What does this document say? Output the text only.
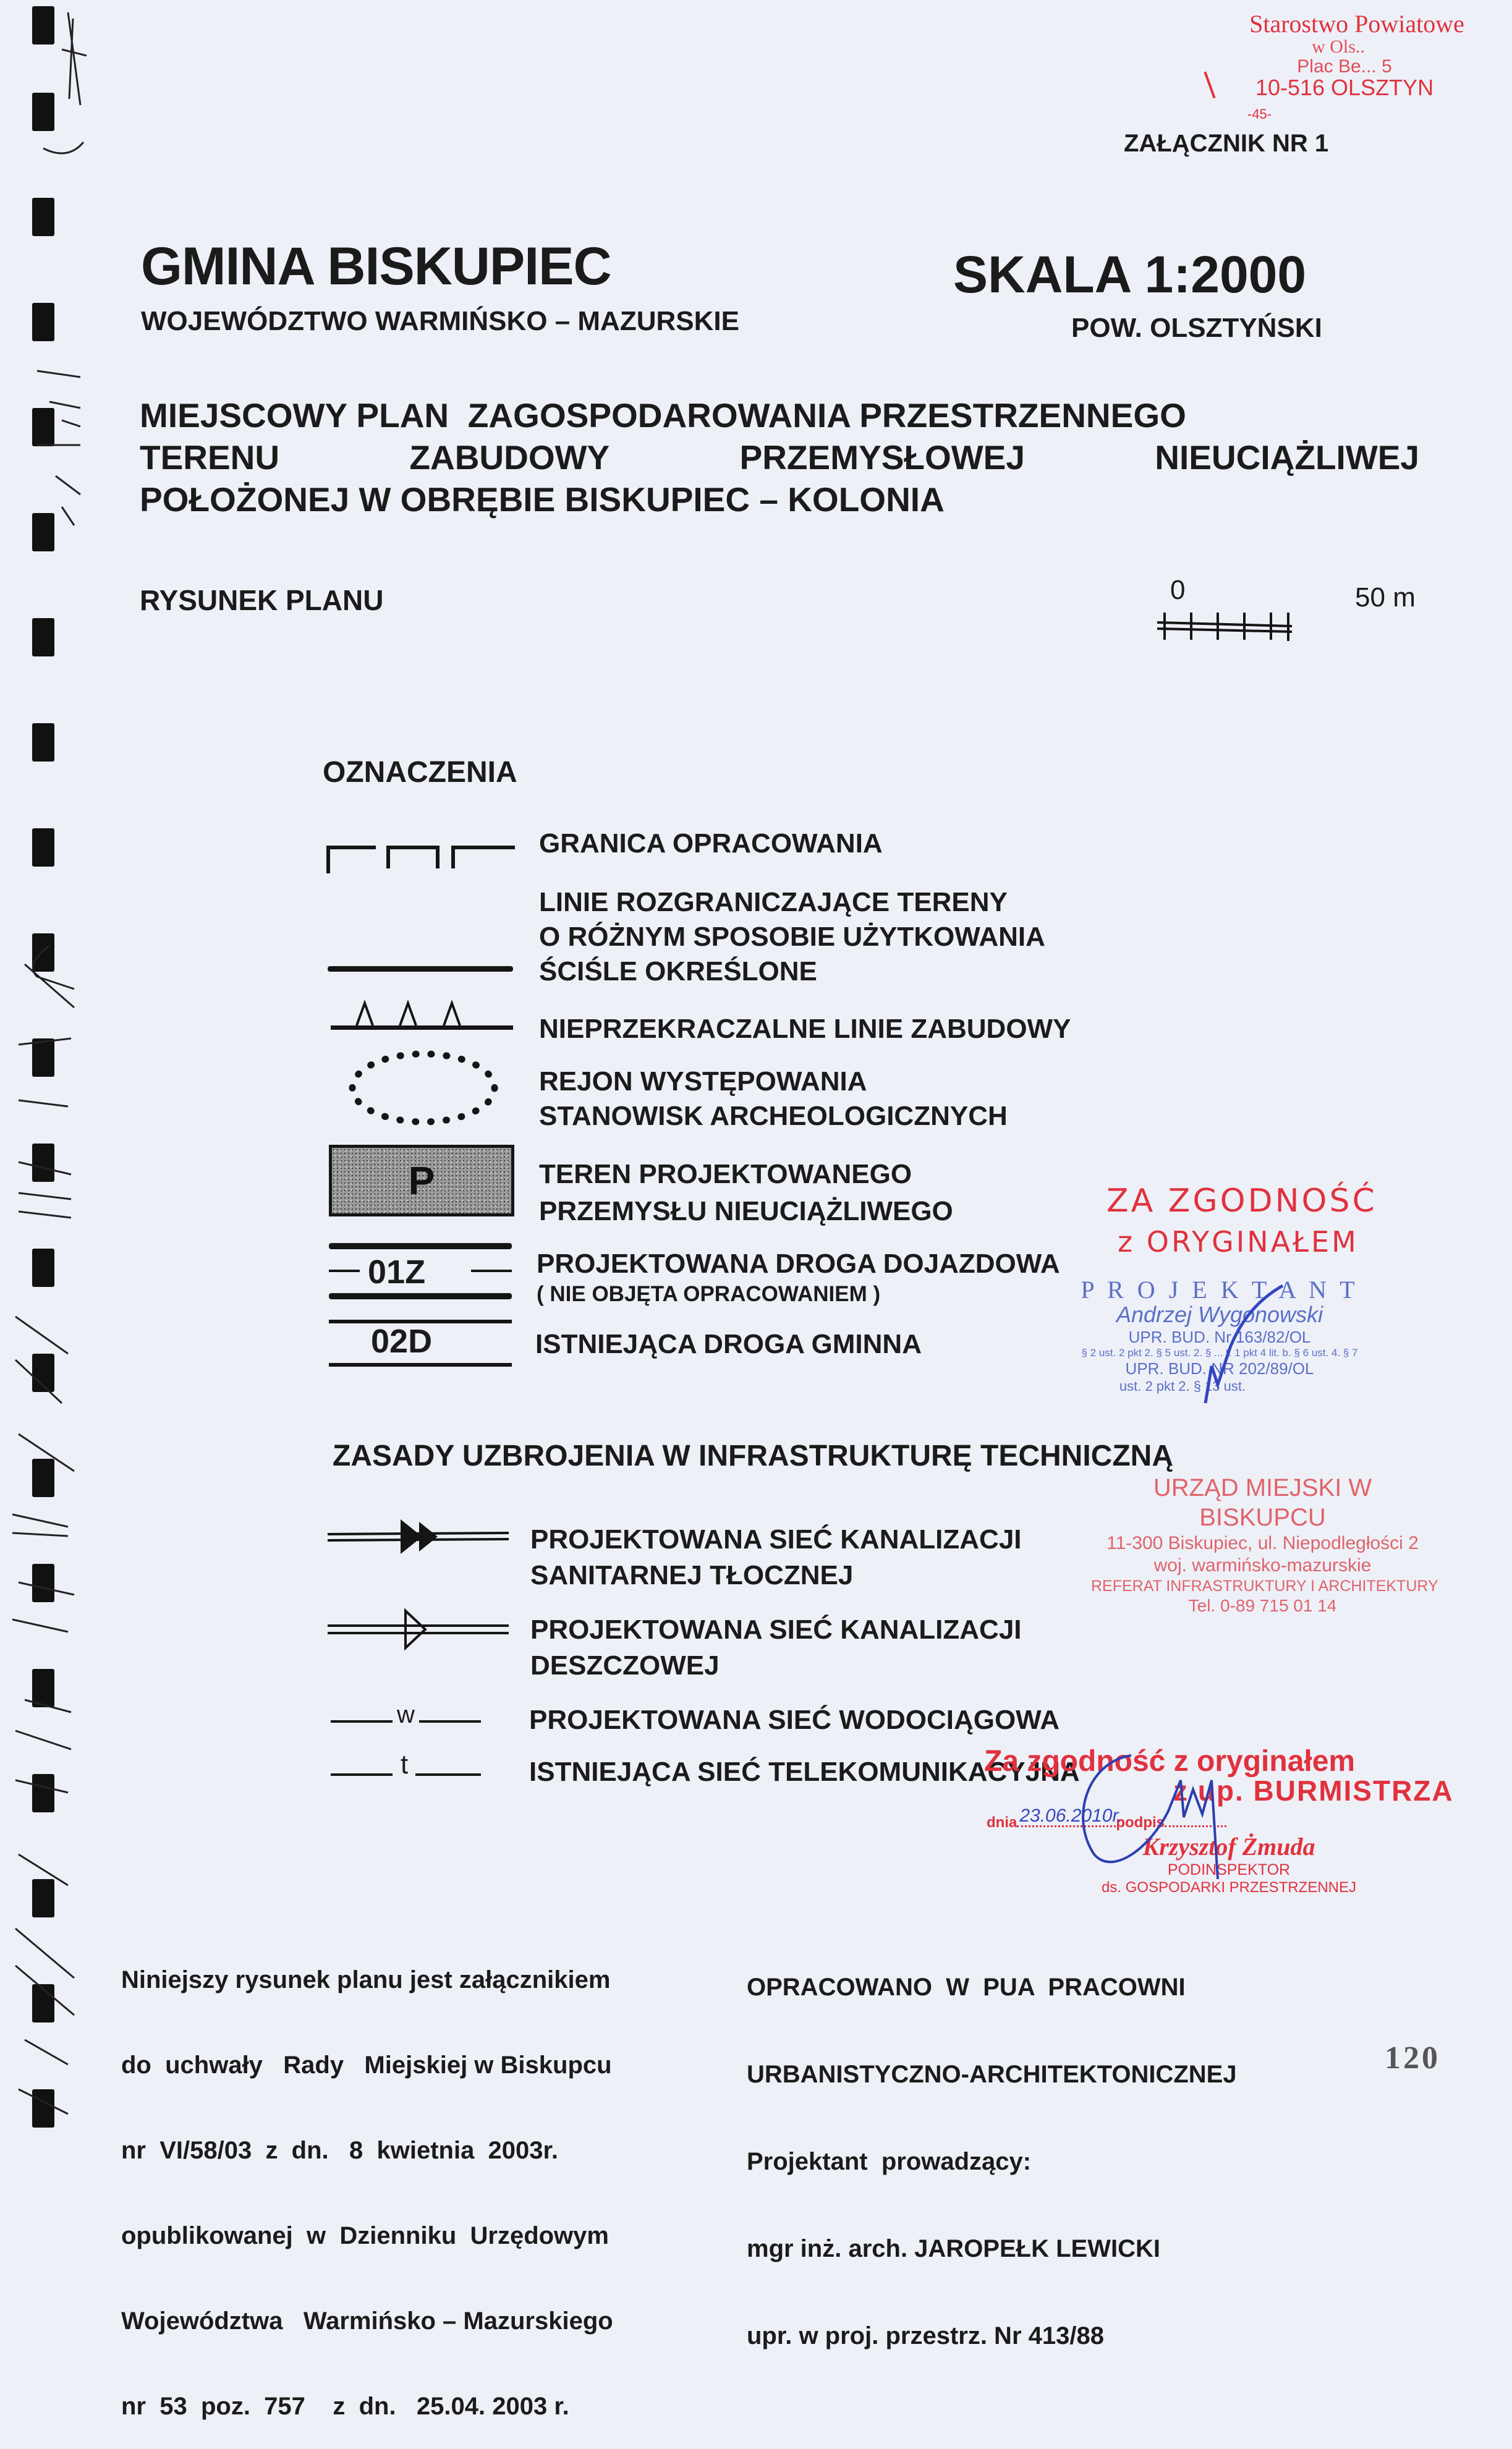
Starostwo Powiatowe
w Ols..
Plac Be... 5
10-516 OLSZTYN
-45-
ZAŁĄCZNIK NR 1
GMINA BISKUPIEC
WOJEWÓDZTWO WARMIŃSKO – MAZURSKIE
SKALA 1:2000
POW. OLSZTYŃSKI
MIEJSCOWY PLAN  ZAGOSPODAROWANIA PRZESTRZENNEGO
TERENU	ZABUDOWY	PRZEMYSŁOWEJ	NIEUCIĄŻLIWEJ
POŁOŻONEJ W OBRĘBIE BISKUPIEC – KOLONIA
RYSUNEK PLANU	0	50 m
OZNACZENIA
GRANICA OPRACOWANIA
LINIE ROZGRANICZAJĄCE TERENY
O RÓŻNYM SPOSOBIE UŻYTKOWANIA
ŚCIŚLE OKREŚLONE
NIEPRZEKRACZALNE LINIE ZABUDOWY
REJON WYSTĘPOWANIA
STANOWISK ARCHEOLOGICZNYCH
P	TEREN PROJEKTOWANEGO
PRZEMYSŁU NIEUCIĄŻLIWEGO
01Z	PROJEKTOWANA DROGA DOJAZDOWA
( NIE OBJĘTA OPRACOWANIEM )
02D	ISTNIEJĄCA DROGA GMINNA
ZA ZGODNOŚĆ
z ORYGINAŁEM
P R O J E K T A N T
Andrzej Wygonowski
UPR. BUD. Nr 163/82/OL
§ 2 ust. 2 pkt 2. § 5 ust. 2. § ... t. 1 pkt 4 lit. b. § 6 ust. 4. § 7
UPR. BUD. NR 202/89/OL
ust. 2 pkt 2. § 13 ust.
ZASADY UZBROJENIA W INFRASTRUKTURĘ TECHNICZNĄ
PROJEKTOWANA SIEĆ KANALIZACJI
SANITARNEJ TŁOCZNEJ
PROJEKTOWANA SIEĆ KANALIZACJI
DESZCZOWEJ
w	PROJEKTOWANA SIEĆ WODOCIĄGOWA
t	ISTNIEJĄCA SIEĆ TELEKOMUNIKACYJNA
URZĄD MIEJSKI W BISKUPCU
11-300 Biskupiec, ul. Niepodległości 2
woj. warmińsko-mazurskie
REFERAT INFRASTRUKTURY I ARCHITEKTURY
Tel. 0-89 715 01 14
Za zgodność z oryginałem
z up. BURMISTRZA
dnia 23.06.2010r.
podpis
Krzysztof Żmuda
PODINSPEKTOR
ds. GOSPODARKI PRZESTRZENNEJ

Niniejszy rysunek planu jest załącznikiem

do  uchwały   Rady   Miejskiej w Biskupcu

nr  VI/58/03  z  dn.   8  kwietnia  2003r.

opublikowanej  w  Dzienniku  Urzędowym

Województwa   Warmińsko – Mazurskiego

nr  53  poz.  757    z  dn.   25.04. 2003 r.

OPRACOWANO  W  PUA  PRACOWNI

URBANISTYCZNO-ARCHITEKTONICZNEJ

Projektant  prowadzący:

mgr inż. arch. JAROPEŁK LEWICKI

upr. w proj. przestrz. Nr 413/88

120
